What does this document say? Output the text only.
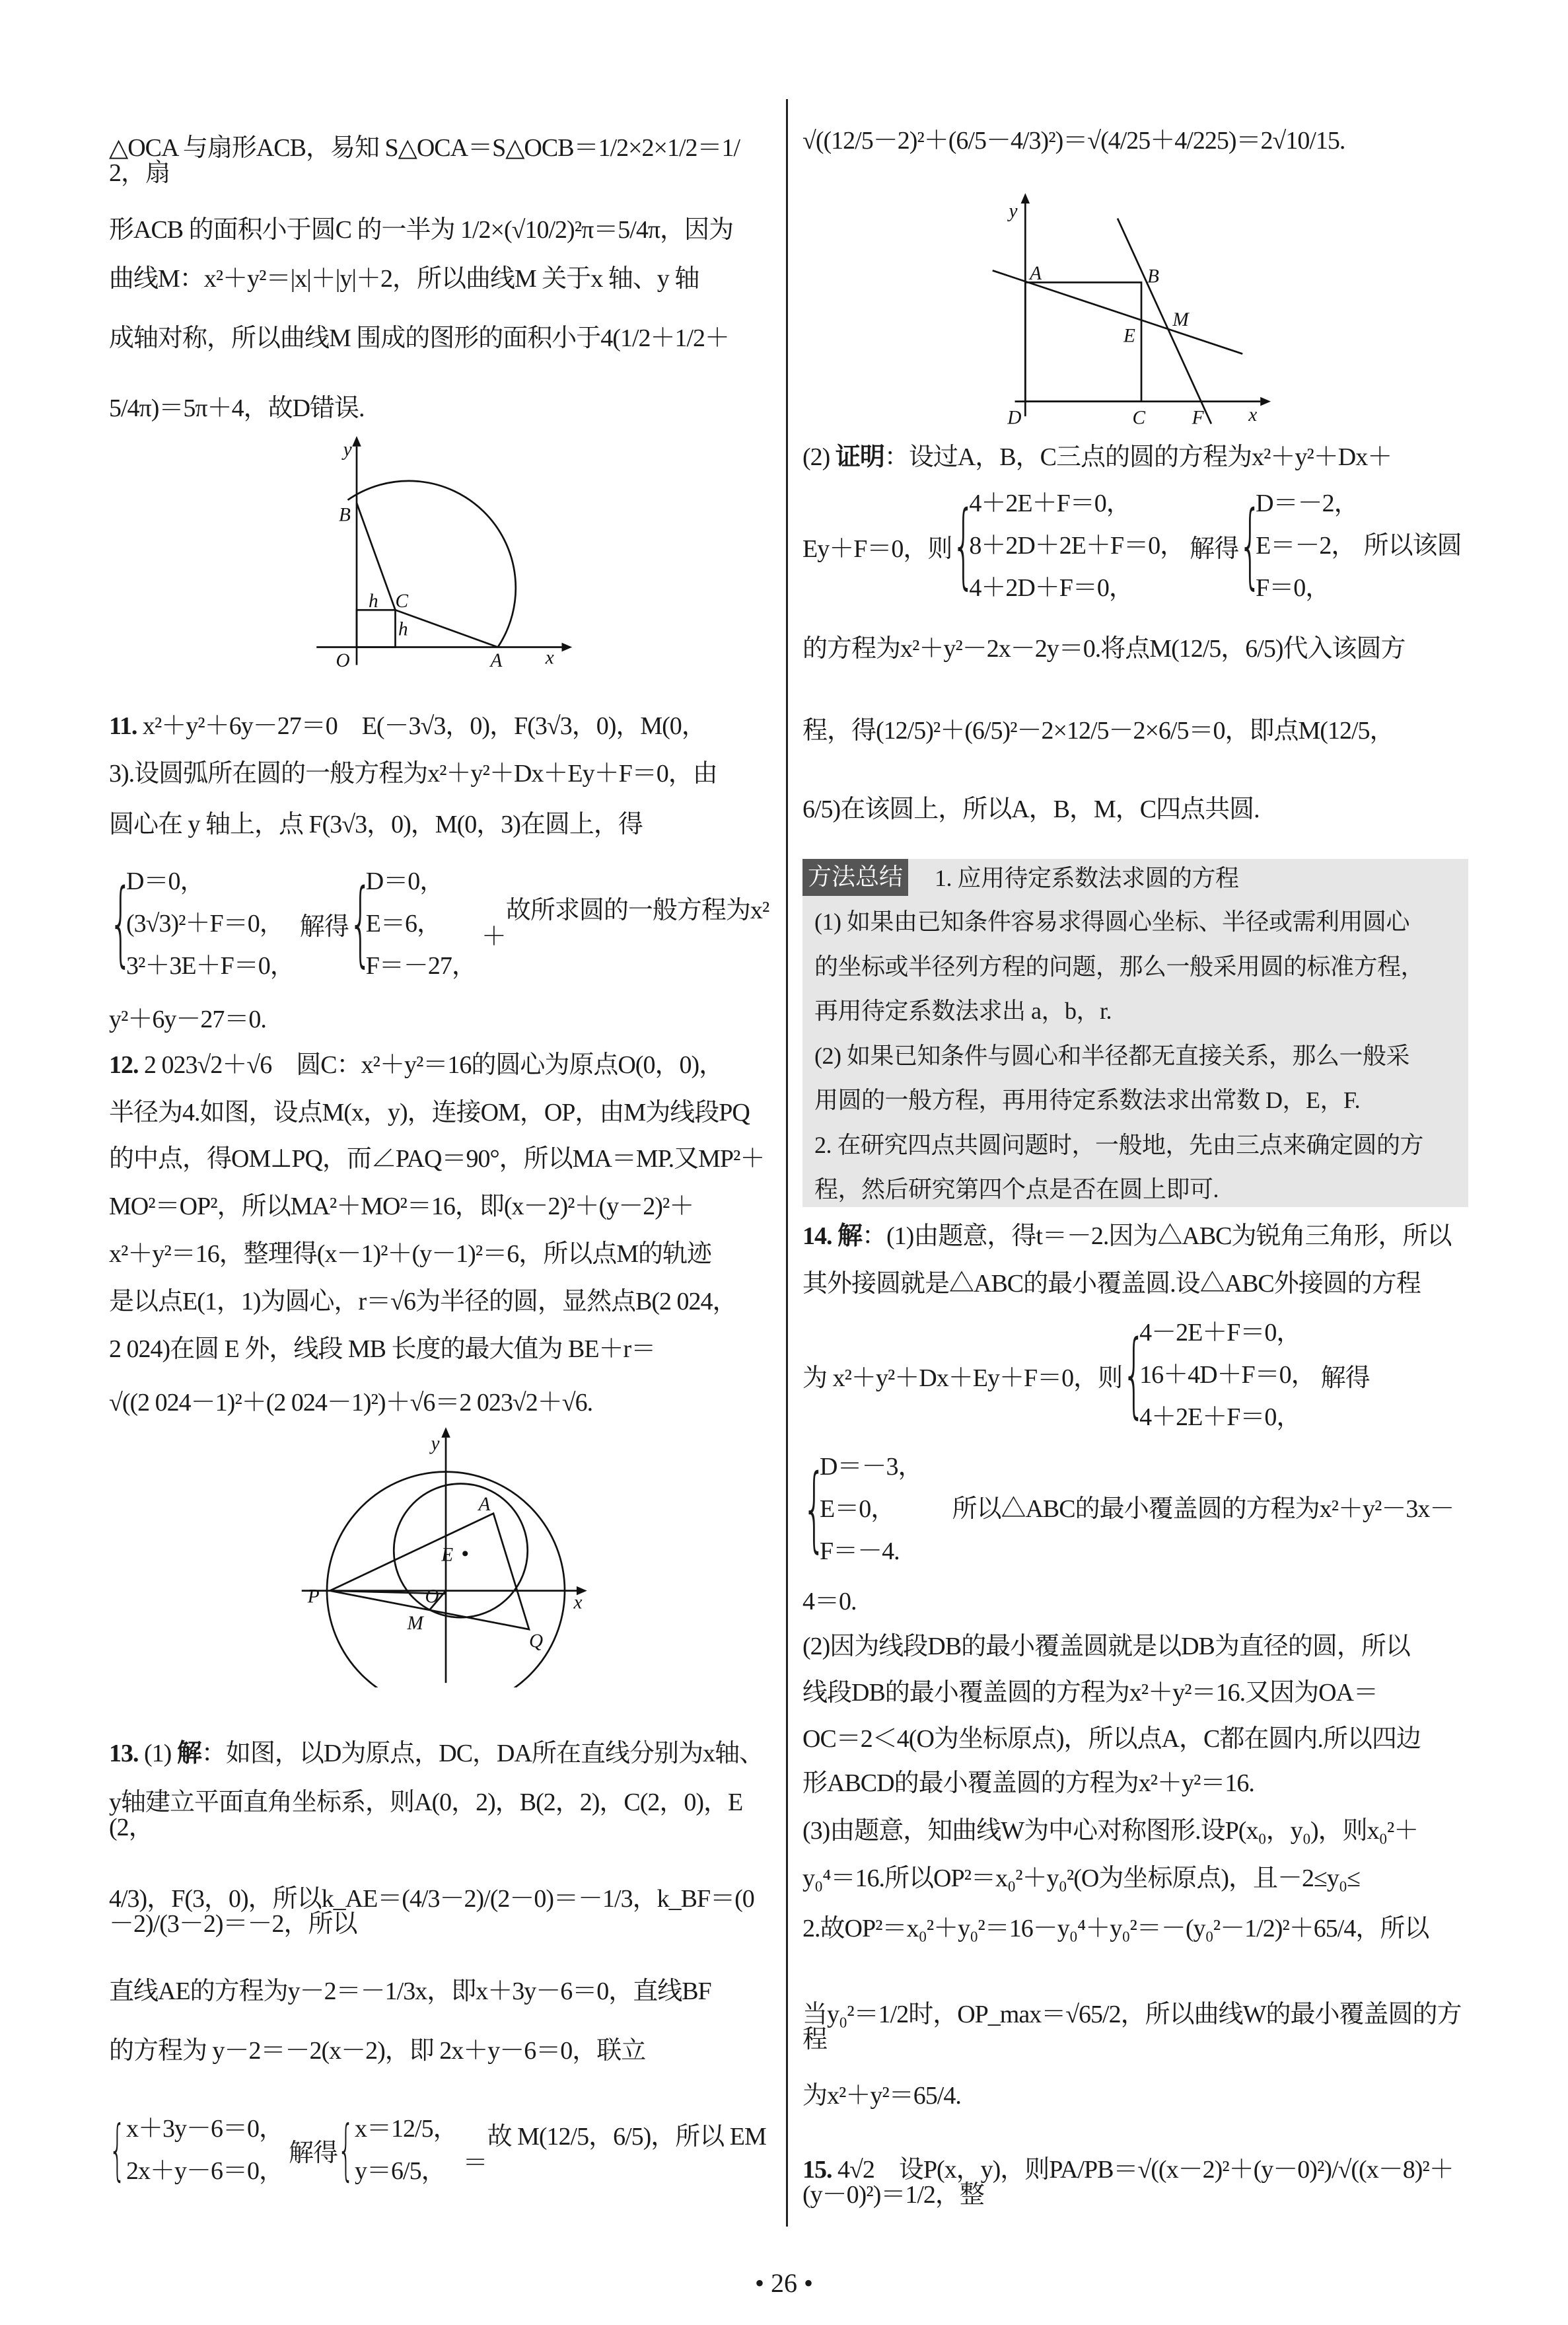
△OCA 与扇形ACB，易知 S△OCA＝S△OCB＝1/2×2×1/2＝1/2，扇
形ACB 的面积小于圆C 的一半为 1/2×(√10/2)²π＝5/4π，因为
曲线M：x²＋y²＝|x|＋|y|＋2，所以曲线M 关于x 轴、y 轴
成轴对称，所以曲线M 围成的图形的面积小于4(1/2＋1/2＋
5/4π)＝5π＋4，故D错误.
y
x
O	A
B
C
h
h
11. x²＋y²＋6y－27＝0　E(－3√3，0)，F(3√3，0)，M(0，
3).设圆弧所在圆的一般方程为x²＋y²＋Dx＋Ey＋F＝0，由
圆心在 y 轴上，点 F(3√3，0)，M(0，3)在圆上，得
{
D＝0，
(3√3)²＋F＝0，
3²＋3E＋F＝0，
解得 {
D＝0，
E＝6，
F＝－27，
　故所求圆的一般方程为x²＋
y²＋6y－27＝0.
12. 2 023√2＋√6　圆C：x²＋y²＝16的圆心为原点O(0，0)，
半径为4.如图，设点M(x，y)，连接OM，OP，由M为线段PQ
的中点，得OM⊥PQ，而∠PAQ＝90°，所以MA＝MP.又MP²＋
MO²＝OP²，所以MA²＋MO²＝16，即(x－2)²＋(y－2)²＋
x²＋y²＝16，整理得(x－1)²＋(y－1)²＝6，所以点M的轨迹
是以点E(1，1)为圆心，r＝√6为半径的圆，显然点B(2 024，
2 024)在圆 E 外，线段 MB 长度的最大值为 BE＋r＝
√((2 024－1)²＋(2 024－1)²)＋√6＝2 023√2＋√6.
y
x
P
Q
O
A
E
M
13. (1) 解：如图，以D为原点，DC，DA所在直线分别为x轴、
y轴建立平面直角坐标系，则A(0，2)，B(2，2)，C(2，0)，E(2，
4/3)，F(3，0)，所以k_AE＝(4/3－2)/(2－0)＝－1/3，k_BF＝(0－2)/(3－2)＝－2，所以
直线AE的方程为y－2＝－1/3x，即x＋3y－6＝0，直线BF
的方程为 y－2＝－2(x－2)，即 2x＋y－6＝0，联立
{ x＋3y－6＝0，
2x＋y－6＝0，
解得 { x＝12/5，
y＝6/5，
　故 M(12/5，6/5)，所以 EM＝
√((12/5－2)²＋(6/5－4/3)²)＝√(4/25＋4/225)＝2√10/15.
y
x
A	B
C
D
E
F
M
(2) 证明：设过A，B，C三点的圆的方程为x²＋y²＋Dx＋
Ey＋F＝0，则 {
4＋2E＋F＝0，
8＋2D＋2E＋F＝0，
4＋2D＋F＝0，
解得 {
D＝－2，
E＝－2，
F＝0，
所以该圆
的方程为x²＋y²－2x－2y＝0.将点M(12/5，6/5)代入该圆方
程，得(12/5)²＋(6/5)²－2×12/5－2×6/5＝0，即点M(12/5，
6/5)在该圆上，所以A，B，M，C四点共圆.
方法总结 1. 应用待定系数法求圆的方程
(1) 如果由已知条件容易求得圆心坐标、半径或需利用圆心
的坐标或半径列方程的问题，那么一般采用圆的标准方程，
再用待定系数法求出 a，b，r.
(2) 如果已知条件与圆心和半径都无直接关系，那么一般采
用圆的一般方程，再用待定系数法求出常数 D，E，F.
2. 在研究四点共圆问题时，一般地，先由三点来确定圆的方
程，然后研究第四个点是否在圆上即可.
14. 解：(1)由题意，得t＝－2.因为△ABC为锐角三角形，所以
其外接圆就是△ABC的最小覆盖圆.设△ABC外接圆的方程
为 x²＋y²＋Dx＋Ey＋F＝0，则 {
4－2E＋F＝0，
16＋4D＋F＝0，
4＋2E＋F＝0，
解得
{
D＝－3，
E＝0，
F＝－4.
　所以△ABC的最小覆盖圆的方程为x²＋y²－3x－
4＝0.
(2)因为线段DB的最小覆盖圆就是以DB为直径的圆，所以
线段DB的最小覆盖圆的方程为x²＋y²＝16.又因为OA＝
OC＝2＜4(O为坐标原点)，所以点A，C都在圆内.所以四边
形ABCD的最小覆盖圆的方程为x²＋y²＝16.
(3)由题意，知曲线W为中心对称图形.设P(x₀，y₀)，则x₀²＋
y₀⁴＝16.所以OP²＝x₀²＋y₀²(O为坐标原点)，且－2≤y₀≤
2.故OP²＝x₀²＋y₀²＝16－y₀⁴＋y₀²＝－(y₀²－1/2)²＋65/4，所以
当y₀²＝1/2时，OP_max＝√65/2，所以曲线W的最小覆盖圆的方程
为x²＋y²＝65/4.
15. 4√2　设P(x，y)，则PA/PB＝√((x－2)²＋(y－0)²)/√((x－8)²＋(y－0)²)＝1/2，整
• 26 •
